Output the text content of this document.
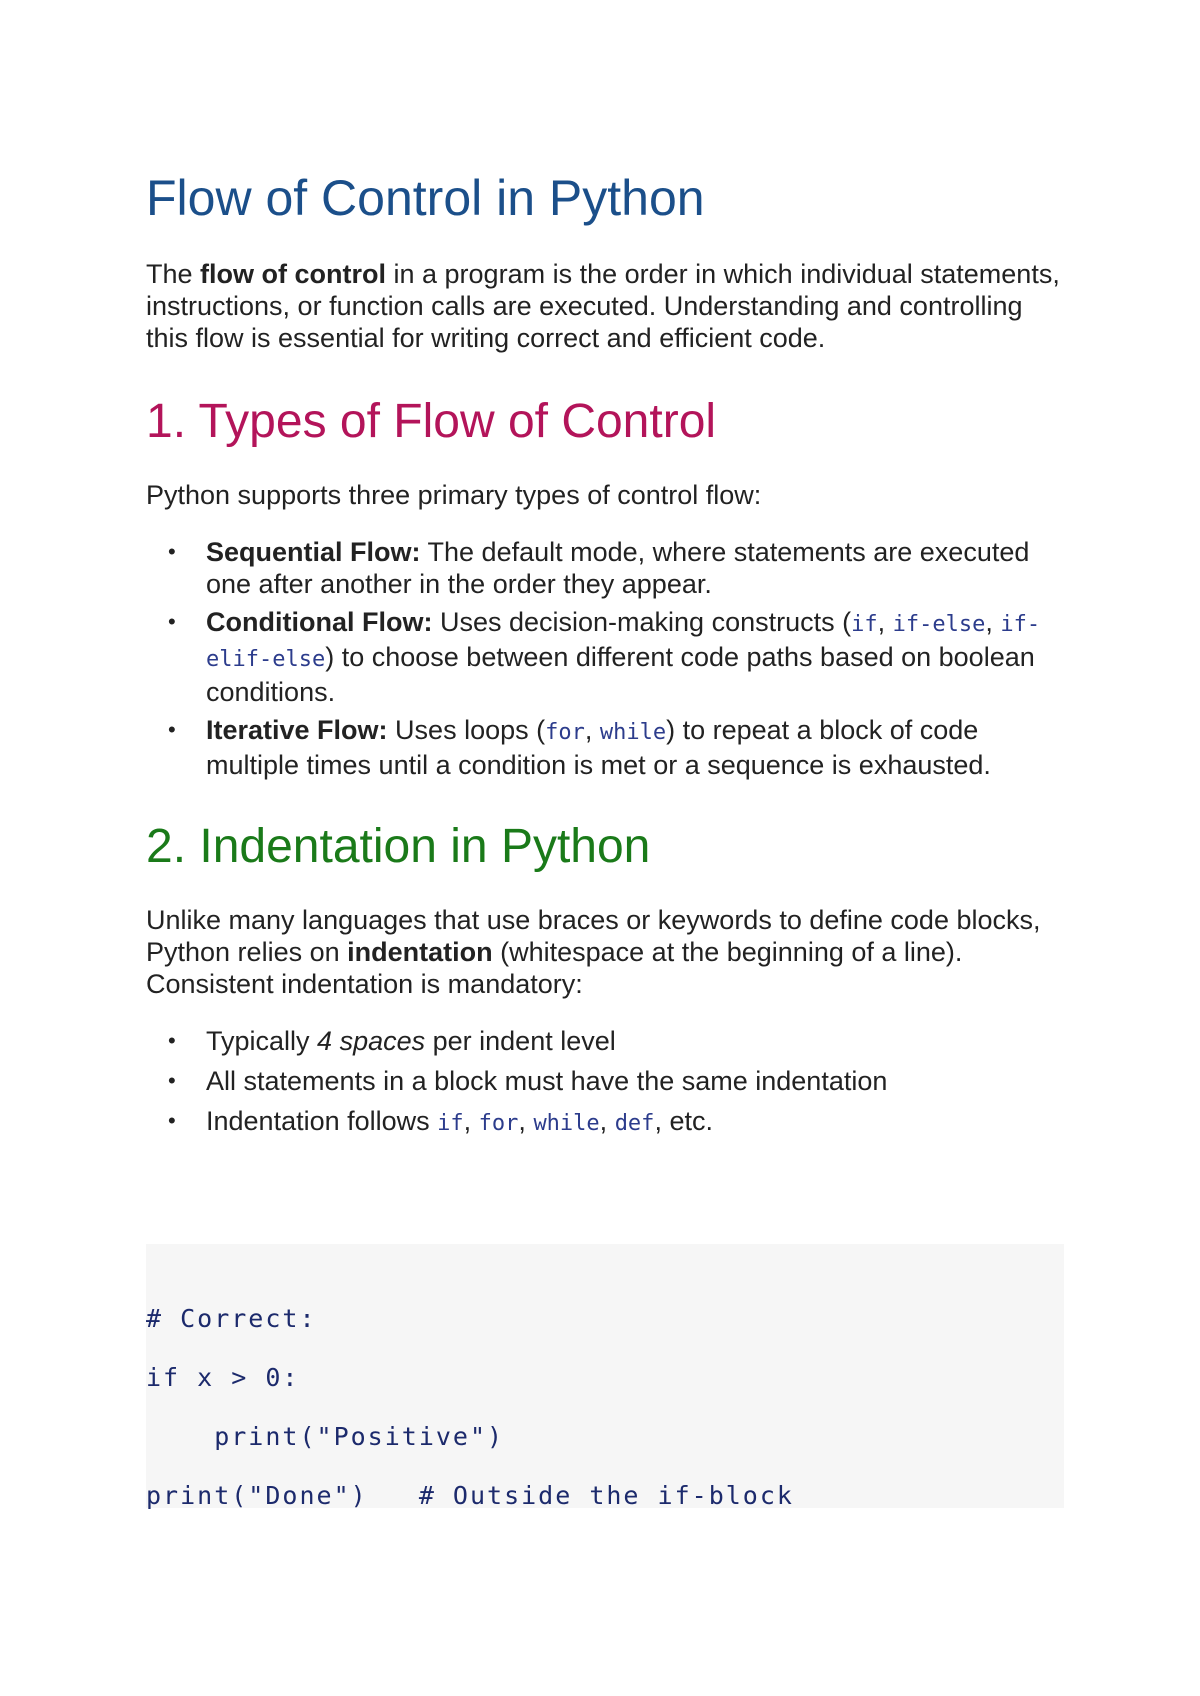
Flow of Control in Python

The flow of control in a program is the order in which individual statements, instructions, or function calls are executed. Understanding and controlling this flow is essential for writing correct and efficient code.

1. Types of Flow of Control

Python supports three primary types of control flow:

• Sequential Flow: The default mode, where statements are executed one after another in the order they appear.
• Conditional Flow: Uses decision-making constructs (if, if-else, if-elif-else) to choose between different code paths based on boolean conditions.
• Iterative Flow: Uses loops (for, while) to repeat a block of code multiple times until a condition is met or a sequence is exhausted.
2. Indentation in Python

Unlike many languages that use braces or keywords to define code blocks, Python relies on indentation (whitespace at the beginning of a line). Consistent indentation is mandatory:

• Typically 4 spaces per indent level
• All statements in a block must have the same indentation
• Indentation follows if, for, while, def, etc.
# Correct:
if x > 0:
print("Positive")
print("Done")   # Outside the if-block
